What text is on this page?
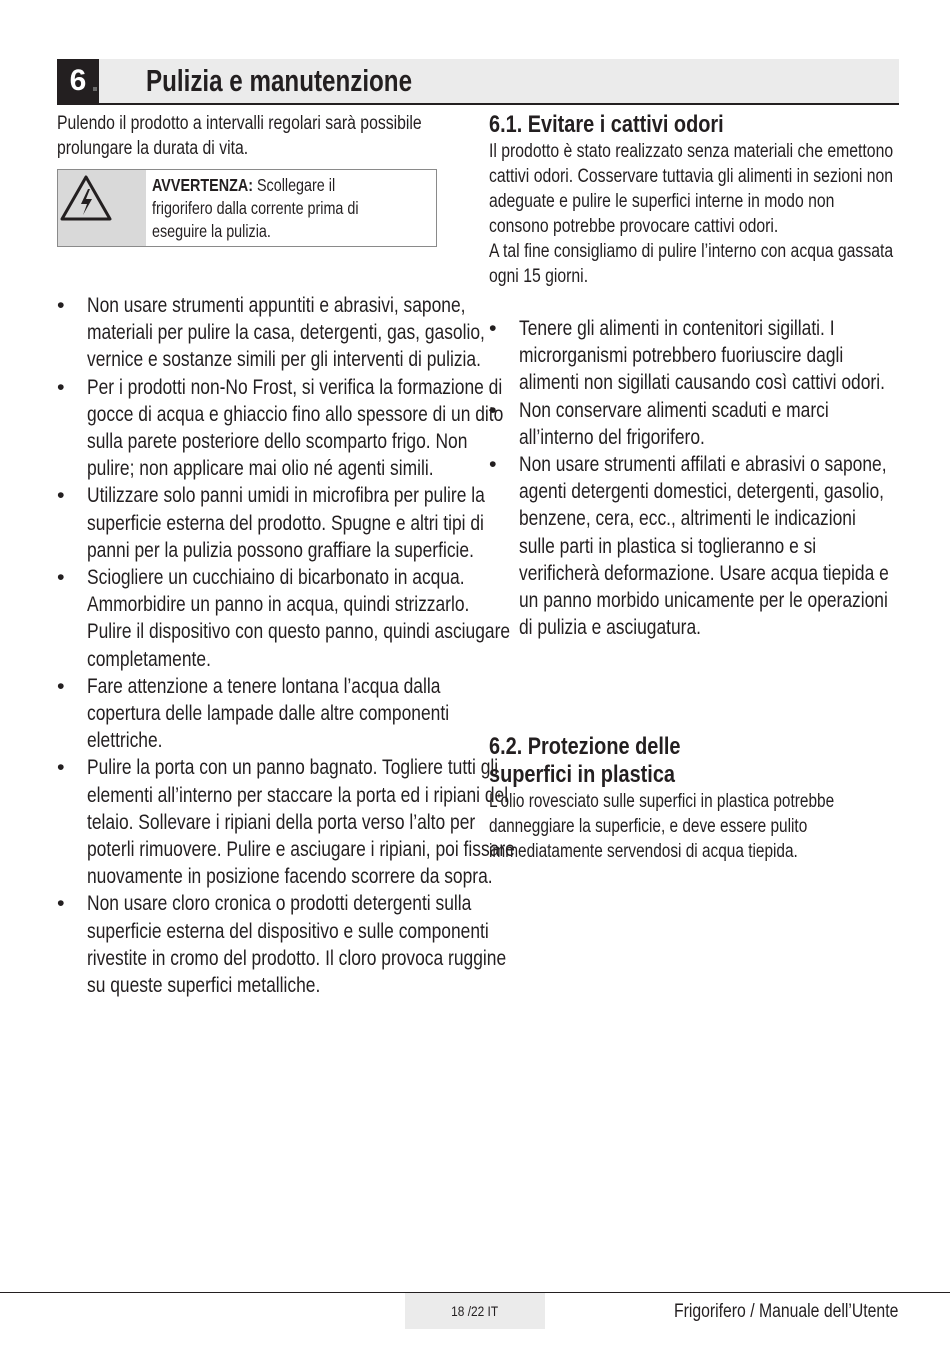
6	Pulizia e manutenzione
Pulendo il prodotto a intervalli regolari sarà possibile prolungare la durata di vita.
AVVERTENZA: Scollegare il frigorifero dalla corrente prima di eseguire la pulizia.
• Non usare strumenti appuntiti e abrasivi, sapone, materiali per pulire la casa, detergenti, gas, gasolio, vernice e sostanze simili per gli interventi di pulizia.
• Per i prodotti non-No Frost, si verifica la formazione di gocce di acqua e ghiaccio fino allo spessore di un dito sulla parete posteriore dello scomparto frigo. Non pulire; non applicare mai olio né agenti simili.
• Utilizzare solo panni umidi in microfibra per pulire la superficie esterna del prodotto. Spugne e altri tipi di panni per la pulizia possono graffiare la superficie.
• Sciogliere un cucchiaino di bicarbonato in acqua. Ammorbidire un panno in acqua, quindi strizzarlo. Pulire il dispositivo con questo panno, quindi asciugare completamente.
• Fare attenzione a tenere lontana l’acqua dalla copertura delle lampade dalle altre componenti elettriche.
• Pulire la porta con un panno bagnato. Togliere tutti gli elementi all’interno per staccare la porta ed i ripiani del telaio. Sollevare i ripiani della porta verso l’alto per poterli rimuovere. Pulire e asciugare i ripiani, poi fissare nuovamente in posizione facendo scorrere da sopra.
• Non usare cloro cronica o prodotti detergenti sulla superficie esterna del dispositivo e sulle componenti rivestite in cromo del prodotto. Il cloro provoca ruggine su queste superfici metalliche.
6.1. Evitare i cattivi odori
Il prodotto è stato realizzato senza materiali che emettono cattivi odori. Cosservare tuttavia gli alimenti in sezioni non adeguate e pulire le superfici interne in modo non consono potrebbe provocare cattivi odori.
A tal fine consigliamo di pulire l’interno con acqua gassata ogni 15 giorni.
• Tenere gli alimenti in contenitori sigillati. I microrganismi potrebbero fuoriuscire dagli alimenti non sigillati causando così cattivi odori.
• Non conservare alimenti scaduti e marci all’interno del frigorifero.
• Non usare strumenti affilati e abrasivi o sapone, agenti detergenti domestici, detergenti, gasolio, benzene, cera, ecc., altrimenti le indicazioni sulle parti in plastica si toglieranno e si verificherà deformazione. Usare acqua tiepida e un panno morbido unicamente per le operazioni di pulizia e asciugatura.
6.2. Protezione delle
superfici in plastica
L'olio rovesciato sulle superfici in plastica potrebbe danneggiare la superficie, e deve essere pulito immediatamente servendosi di acqua tiepida.
18 /22 IT	Frigorifero / Manuale dell’Utente
